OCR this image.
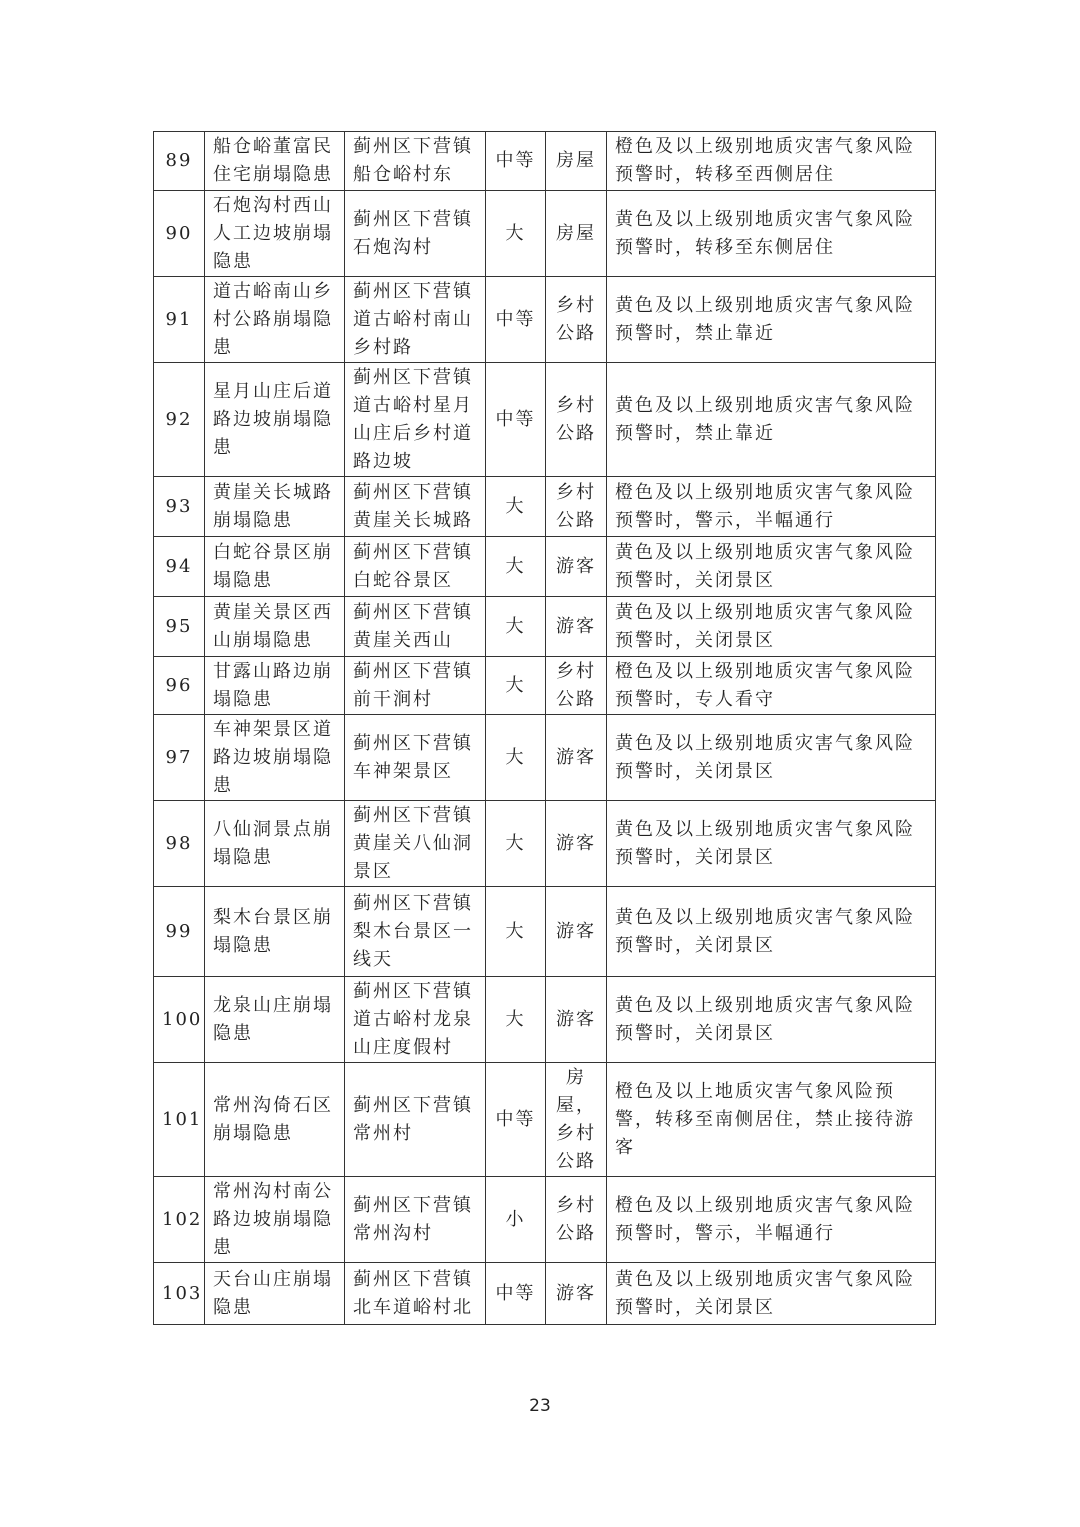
89	船仓峪董富民住宅崩塌隐患	蓟州区下营镇船仓峪村东	中等	房屋	橙色及以上级别地质灾害气象风险预警时，转移至西侧居住
90	石炮沟村西山人工边坡崩塌隐患	蓟州区下营镇石炮沟村	大	房屋	黄色及以上级别地质灾害气象风险预警时，转移至东侧居住
91	道古峪南山乡村公路崩塌隐患	蓟州区下营镇道古峪村南山乡村路	中等	乡村公路	黄色及以上级别地质灾害气象风险预警时，禁止靠近
92	星月山庄后道路边坡崩塌隐患	蓟州区下营镇道古峪村星月山庄后乡村道路边坡	中等	乡村公路	黄色及以上级别地质灾害气象风险预警时，禁止靠近
93	黄崖关长城路崩塌隐患	蓟州区下营镇黄崖关长城路	大	乡村公路	橙色及以上级别地质灾害气象风险预警时，警示，半幅通行
94	白蛇谷景区崩塌隐患	蓟州区下营镇白蛇谷景区	大	游客	黄色及以上级别地质灾害气象风险预警时，关闭景区
95	黄崖关景区西山崩塌隐患	蓟州区下营镇黄崖关西山	大	游客	黄色及以上级别地质灾害气象风险预警时，关闭景区
96	甘露山路边崩塌隐患	蓟州区下营镇前干涧村	大	乡村公路	橙色及以上级别地质灾害气象风险预警时，专人看守
97	车神架景区道路边坡崩塌隐患	蓟州区下营镇车神架景区	大	游客	黄色及以上级别地质灾害气象风险预警时，关闭景区
98	八仙洞景点崩塌隐患	蓟州区下营镇黄崖关八仙洞景区	大	游客	黄色及以上级别地质灾害气象风险预警时，关闭景区
99	梨木台景区崩塌隐患	蓟州区下营镇梨木台景区一线天	大	游客	黄色及以上级别地质灾害气象风险预警时，关闭景区
100	龙泉山庄崩塌隐患	蓟州区下营镇道古峪村龙泉山庄度假村	大	游客	黄色及以上级别地质灾害气象风险预警时，关闭景区
101	常州沟倚石区崩塌隐患	蓟州区下营镇常州村	中等	房屋，乡村公路	橙色及以上地质灾害气象风险预警，转移至南侧居住，禁止接待游客
102	常州沟村南公路边坡崩塌隐患	蓟州区下营镇常州沟村	小	乡村公路	橙色及以上级别地质灾害气象风险预警时，警示，半幅通行
103	天台山庄崩塌隐患	蓟州区下营镇北车道峪村北	中等	游客	黄色及以上级别地质灾害气象风险预警时，关闭景区
23
